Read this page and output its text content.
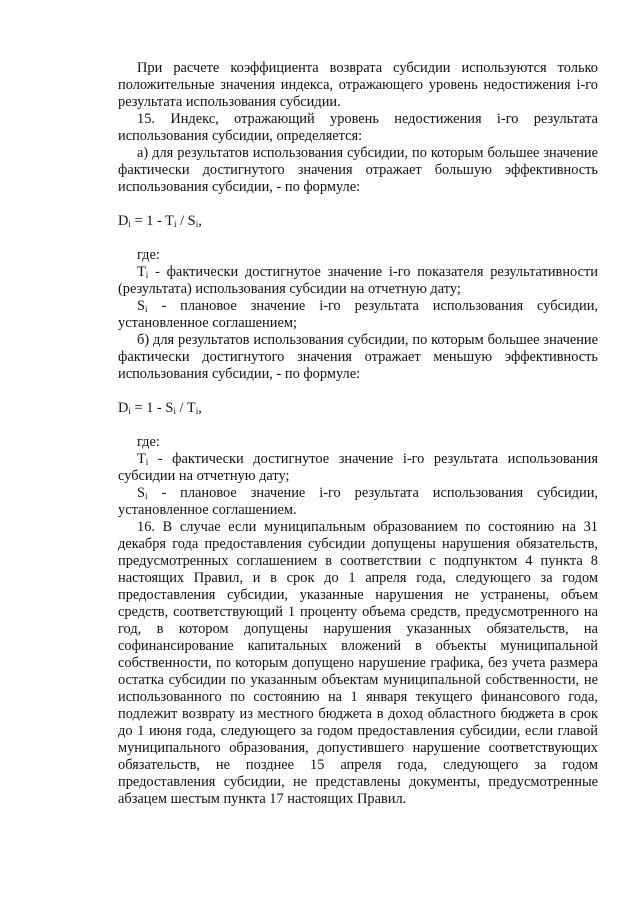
При расчете коэффициента возврата субсидии используются только положительные значения индекса, отражающего уровень недостижения i-го результата использования субсидии.

15. Индекс, отражающий уровень недостижения i-го результата использования субсидии, определяется:

а) для результатов использования субсидии, по которым большее значение фактически достигнутого значения отражает большую эффективность использования субсидии, - по формуле:

$D_i = 1 - T_i / S_i$,

где:

$T_i$ - фактически достигнутое значение i-го показателя результативности (результата) использования субсидии на отчетную дату;

$S_i$ - плановое значение i-го результата использования субсидии, установленное соглашением;

б) для результатов использования субсидии, по которым большее значение фактически достигнутого значения отражает меньшую эффективность использования субсидии, - по формуле:

$D_i = 1 - S_i / T_i$,

где:

$T_i$ - фактически достигнутое значение i-го результата использования субсидии на отчетную дату;

$S_i$ - плановое значение i-го результата использования субсидии, установленное соглашением.

16. В случае если муниципальным образованием по состоянию на 31 декабря года предоставления субсидии допущены нарушения обязательств, предусмотренных соглашением в соответствии с подпунктом 4 пункта 8 настоящих Правил, и в срок до 1 апреля года, следующего за годом предоставления субсидии, указанные нарушения не устранены, объем средств, соответствующий 1 проценту объема средств, предусмотренного на год, в котором допущены нарушения указанных обязательств, на софинансирование капитальных вложений в объекты муниципальной собственности, по которым допущено нарушение графика, без учета размера остатка субсидии по указанным объектам муниципальной собственности, не использованного по состоянию на 1 января текущего финансового года, подлежит возврату из местного бюджета в доход областного бюджета в срок до 1 июня года, следующего за годом предоставления субсидии, если главой муниципального образования, допустившего нарушение соответствующих обязательств, не позднее 15 апреля года, следующего за годом предоставления субсидии, не представлены документы, предусмотренные абзацем шестым пункта 17 настоящих Правил.
